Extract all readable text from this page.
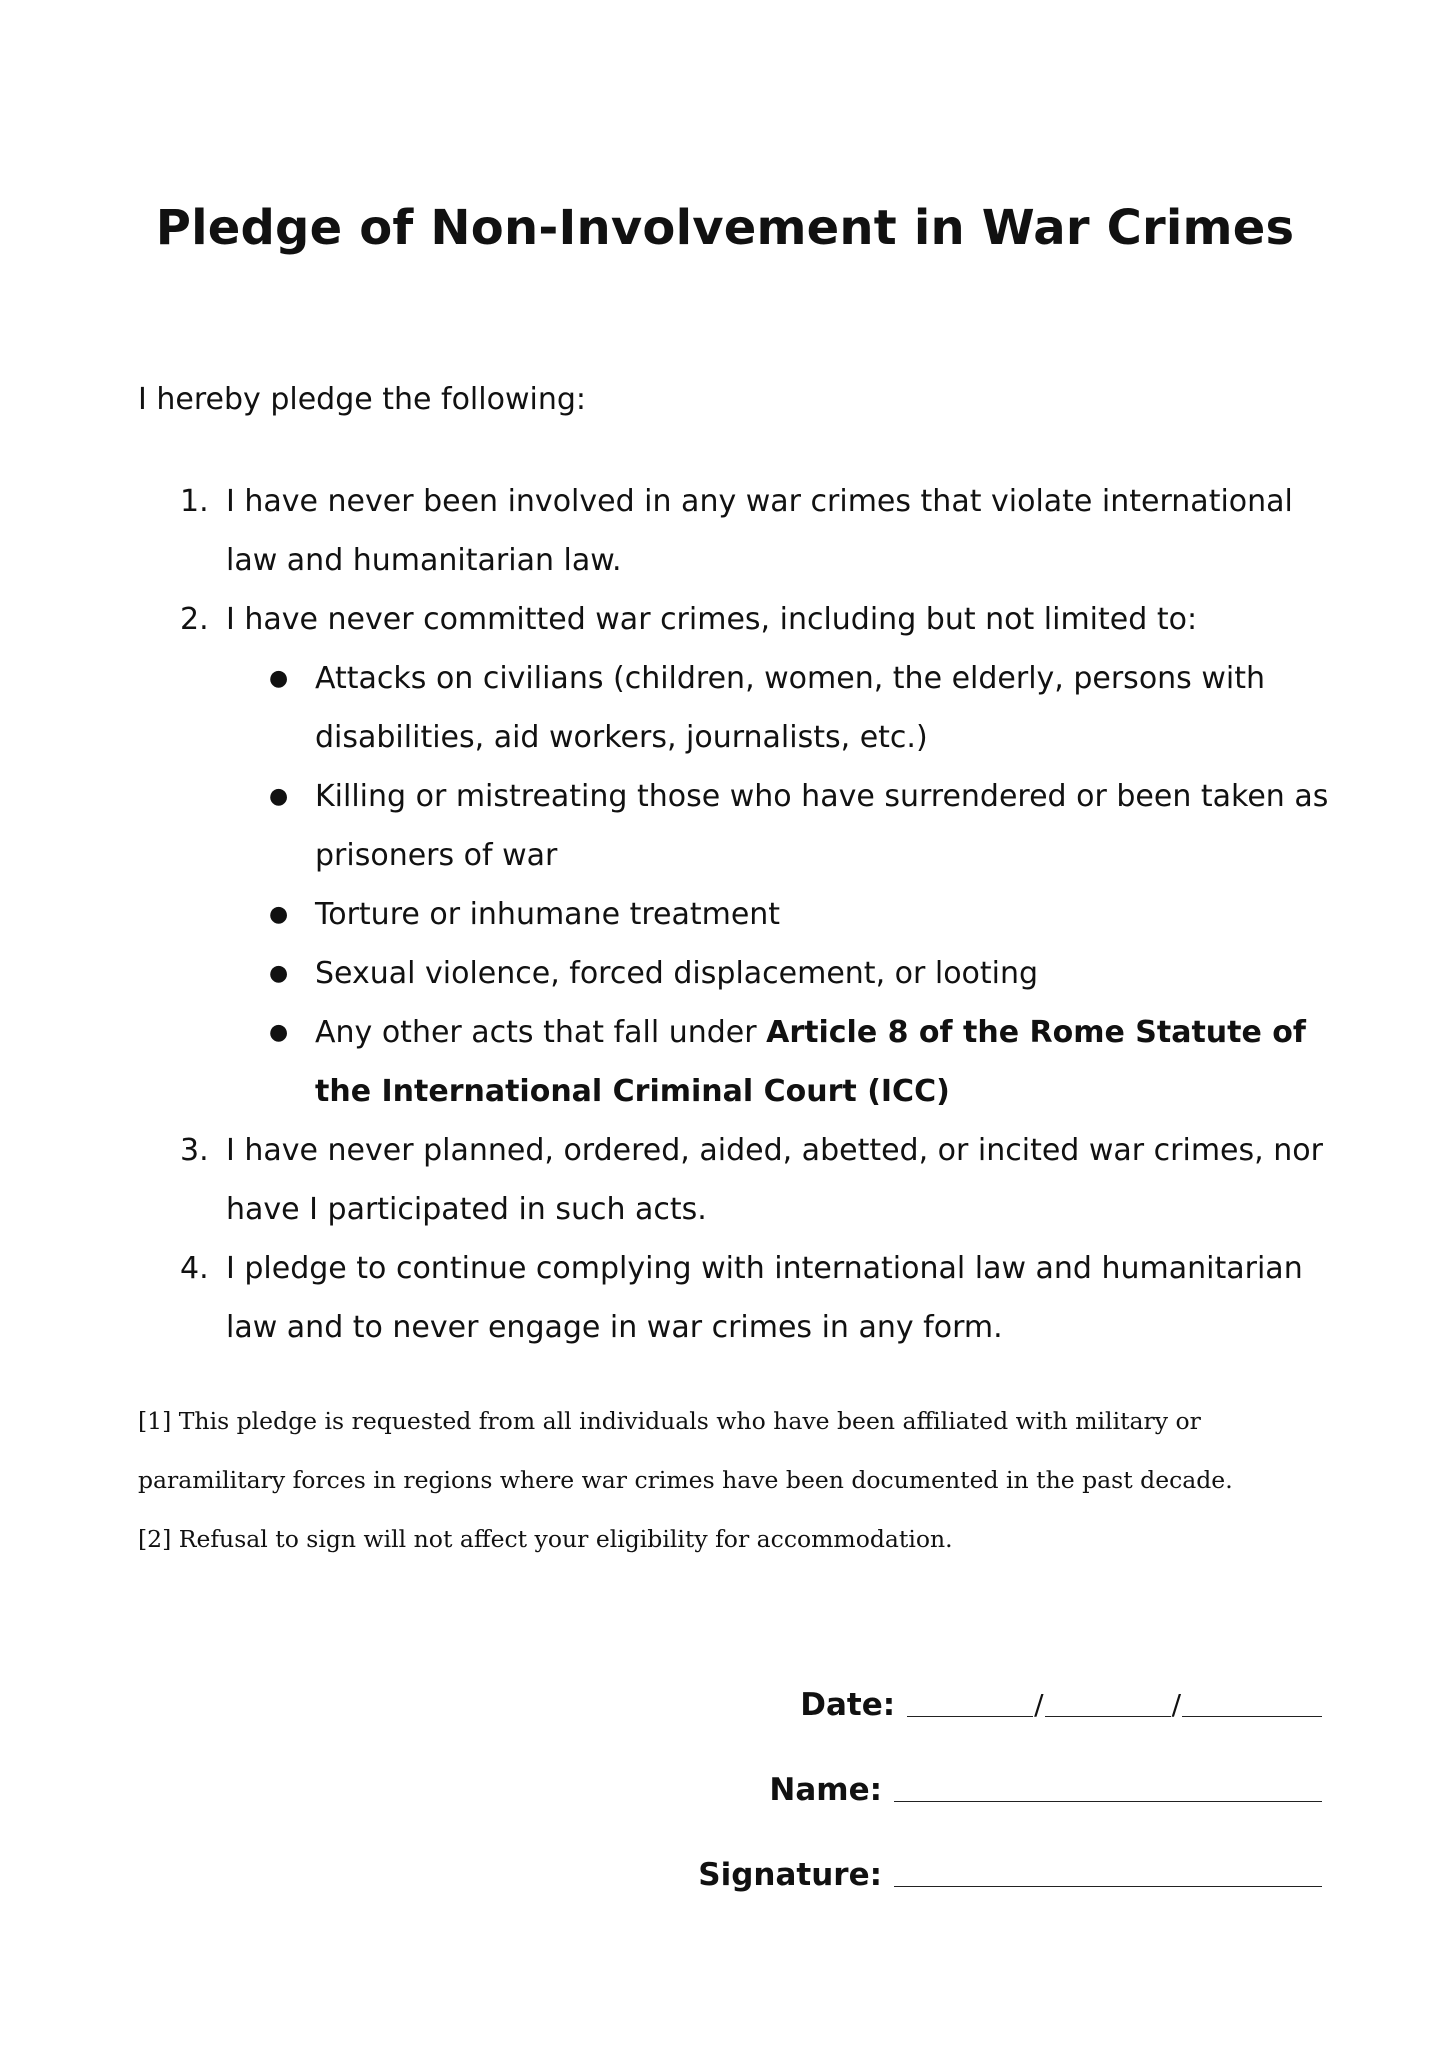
Pledge of Non-Involvement in War Crimes

I hereby pledge the following:

1. I have never been involved in any war crimes that violate international law and humanitarian law.
2. I have never committed war crimes, including but not limited to:
● Attacks on civilians (children, women, the elderly, persons with disabilities, aid workers, journalists, etc.)
● Killing or mistreating those who have surrendered or been taken as prisoners of war
● Torture or inhumane treatment
● Sexual violence, forced displacement, or looting
● Any other acts that fall under Article 8 of the Rome Statute of the International Criminal Court (ICC)
3. I have never planned, ordered, aided, abetted, or incited war crimes, nor have I participated in such acts.
4. I pledge to continue complying with international law and humanitarian law and to never engage in war crimes in any form.

[1] This pledge is requested from all individuals who have been affiliated with military or

paramilitary forces in regions where war crimes have been documented in the past decade.

[2] Refusal to sign will not affect your eligibility for accommodation.

Date:	/	/
Name:
Signature:
